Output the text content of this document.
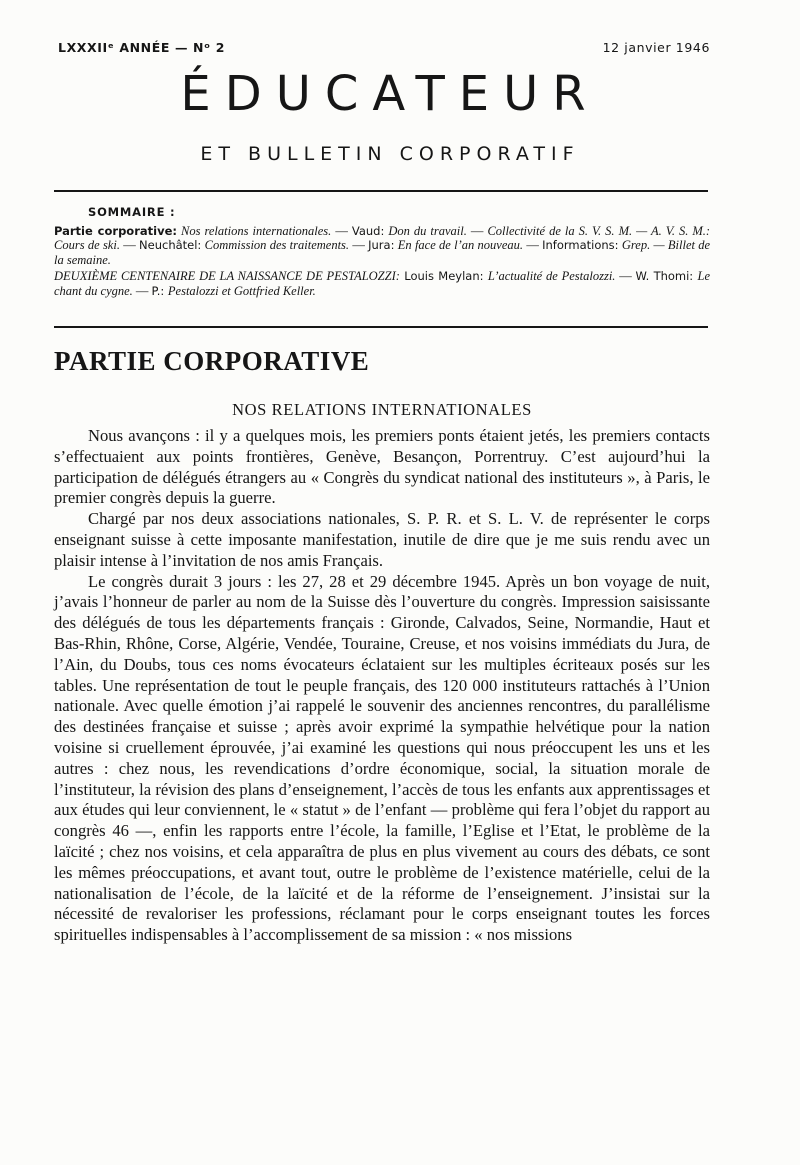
LXXXIIᵉ ANNÉE — Nᵒ 2	12 janvier 1946
ÉDUCATEUR
ET BULLETIN CORPORATIF
SOMMAIRE :
Partie corporative: Nos relations internationales. — Vaud: Don du travail. — Collectivité de la S. V. S. M. — A. V. S. M.: Cours de ski. — Neuchâtel: Commission des traitements. — Jura: En face de l’an nouveau. — Informations: Grep. — Billet de la semaine.
DEUXIÈME CENTENAIRE DE LA NAISSANCE DE PESTALOZZI: Louis Meylan: L’actualité de Pestalozzi. — W. Thomi: Le chant du cygne. — P.: Pestalozzi et Gottfried Keller.
PARTIE CORPORATIVE
NOS RELATIONS INTERNATIONALES

Nous avançons : il y a quelques mois, les premiers ponts étaient jetés, les premiers contacts s’effectuaient aux points frontières, Genève, Besançon, Porrentruy. C’est aujourd’hui la participation de délégués étrangers au « Congrès du syndicat national des instituteurs », à Paris, le premier congrès depuis la guerre.

Chargé par nos deux associations nationales, S. P. R. et S. L. V. de représenter le corps enseignant suisse à cette imposante manifestation, inutile de dire que je me suis rendu avec un plaisir intense à l’invitation de nos amis Français.

Le congrès durait 3 jours : les 27, 28 et 29 décembre 1945. Après un bon voyage de nuit, j’avais l’honneur de parler au nom de la Suisse dès l’ouverture du congrès. Impression saisissante des délégués de tous les départements français : Gironde, Calvados, Seine, Normandie, Haut et Bas-Rhin, Rhône, Corse, Algérie, Vendée, Touraine, Creuse, et nos voisins immédiats du Jura, de l’Ain, du Doubs, tous ces noms évocateurs éclataient sur les multiples écriteaux posés sur les tables. Une représentation de tout le peuple français, des 120 000 instituteurs rattachés à l’Union nationale. Avec quelle émotion j’ai rappelé le souvenir des anciennes rencontres, du parallélisme des destinées française et suisse ; après avoir exprimé la sympathie helvétique pour la nation voisine si cruellement éprouvée, j’ai examiné les questions qui nous préoccupent les uns et les autres : chez nous, les revendications d’ordre économique, social, la situation morale de l’instituteur, la révision des plans d’enseignement, l’accès de tous les enfants aux apprentissages et aux études qui leur conviennent, le « statut » de l’enfant — problème qui fera l’objet du rapport au congrès 46 —, enfin les rapports entre l’école, la famille, l’Eglise et l’Etat, le problème de la laïcité ; chez nos voisins, et cela apparaîtra de plus en plus vivement au cours des débats, ce sont les mêmes préoccupations, et avant tout, outre le problème de l’existence matérielle, celui de la nationalisation de l’école, de la laïcité et de la réforme de l’enseignement. J’insistai sur la nécessité de revaloriser les professions, réclamant pour le corps enseignant toutes les forces spirituelles indispensables à l’accomplissement de sa mission : « nos missions
